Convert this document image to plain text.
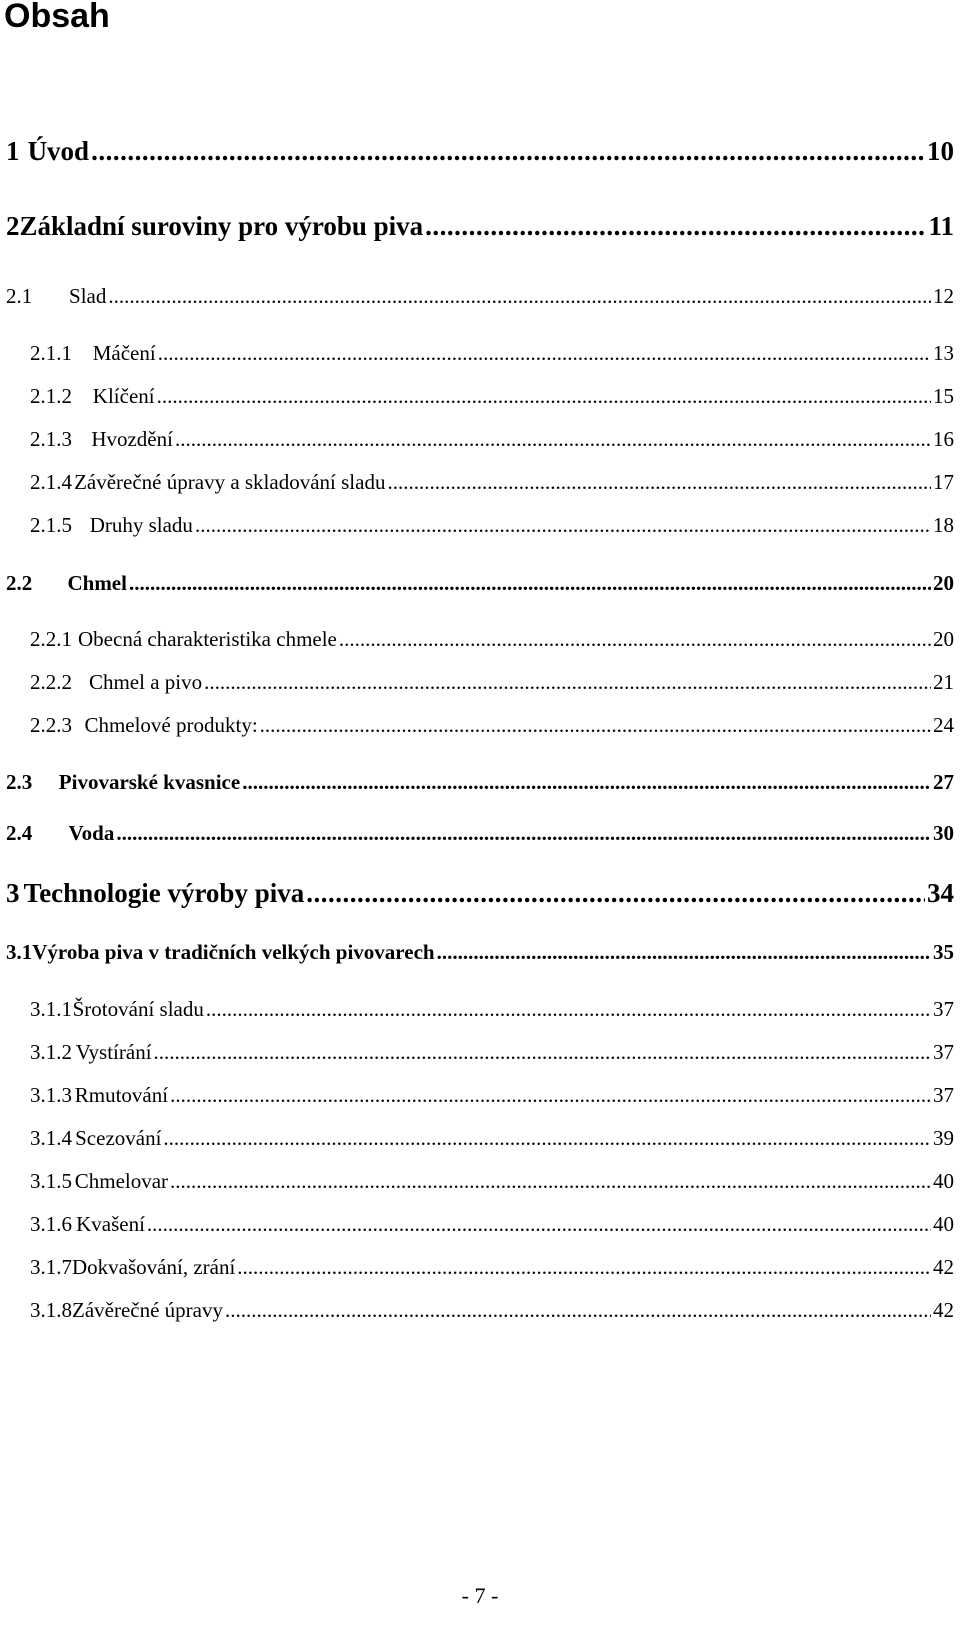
Obsah
1 Úvod .....	10
2 Základní suroviny pro výrobu piva .....	11
2.1	Slad .....	12
2.1.1 Máčení .....	13
2.1.2 Klíčení .....	15
2.1.3 Hvozdění .....	16
2.1.4 Závěrečné úpravy a skladování sladu .....	17
2.1.5 Druhy sladu .....	18
2.2	Chmel .....	20
2.2.1 Obecná charakteristika chmele .....	20
2.2.2 Chmel a pivo .....	21
2.2.3 Chmelové produkty: .....	24
2.3	Pivovarské kvasnice .....	27
2.4	Voda .....	30
3 Technologie výroby piva .....	34
3.1 Výroba piva v tradičních velkých pivovarech .....	35
3.1.1 Šrotování sladu .....	37
3.1.2 Vystírání .....	37
3.1.3 Rmutování .....	37
3.1.4 Scezování .....	39
3.1.5 Chmelovar .....	40
3.1.6 Kvašení .....	40
3.1.7 Dokvašování, zrání .....	42
3.1.8 Závěrečné úpravy .....	42
- 7 -
